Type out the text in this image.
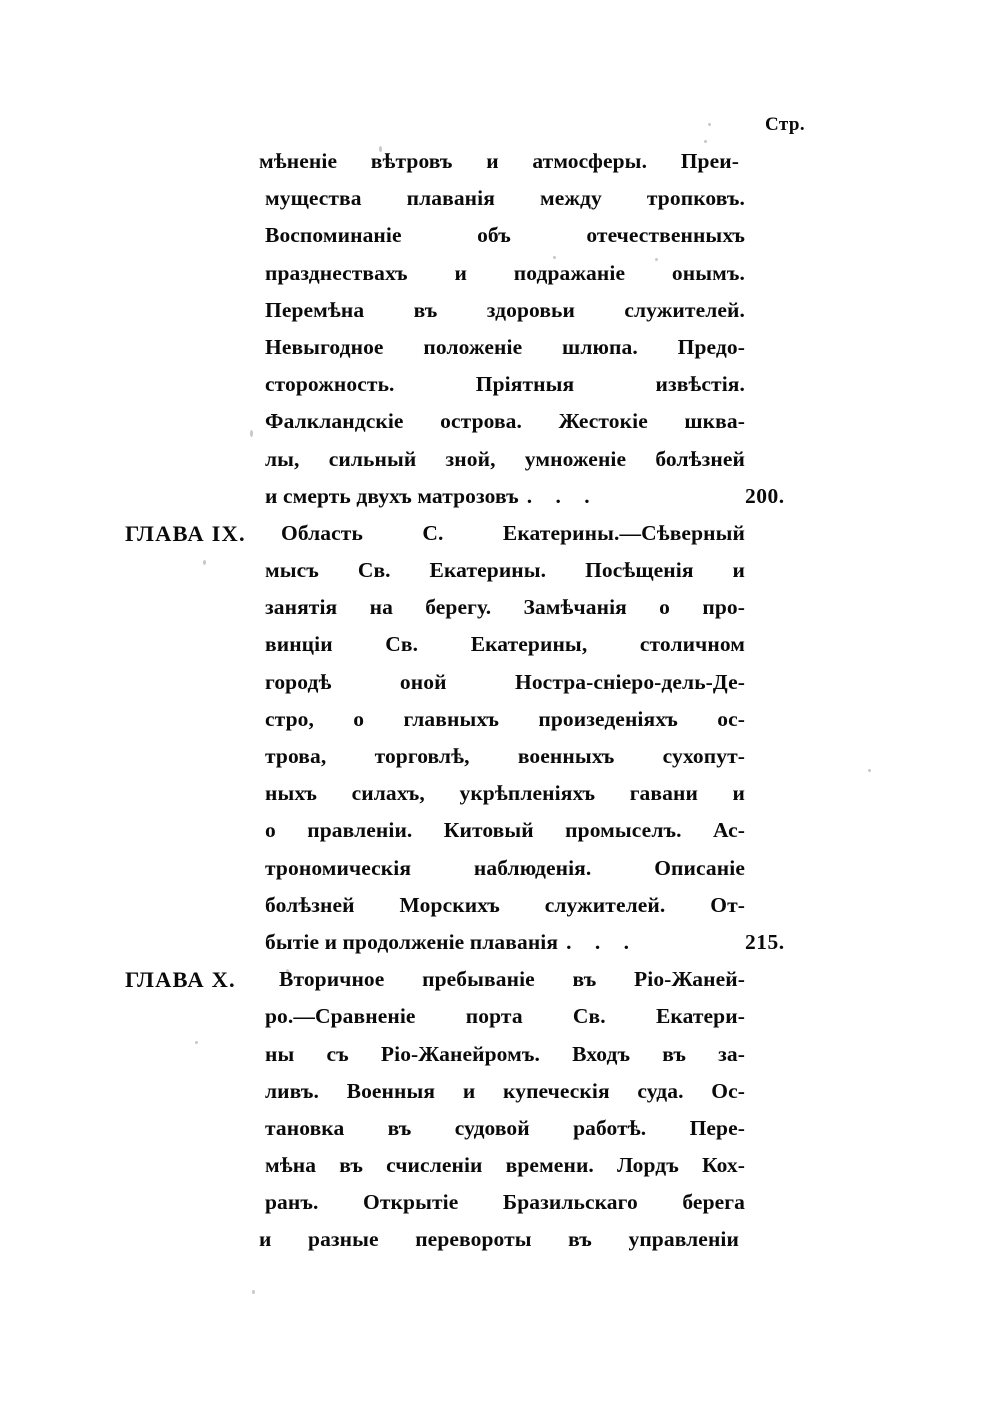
Стр.
мѣненіе вѣтровъ и атмосферы. Преи-
мущества плаванія между тропковъ.
Воспоминаніе объ отечественныхъ
празднествахъ и подражаніе онымъ.
Перемѣна въ здоровьи служителей.
Невыгодное положеніе шлюпа. Предо-
сторожность. Пріятныя извѣстія.
Фалкландскіе острова. Жестокіе шква-
лы, сильный зной, умноженіе болѣзней
и смерть двухъ матрозовъ . . .	200.
ГЛАВА IX. Область С. Екатерины.—Сѣверный
мысъ Св. Екатерины. Посѣщенія и
занятія на берегу. Замѣчанія о про-
винціи Св. Екатерины, столичном
городѣ оной Ностра-сніеро-дель-Де-
стро, о главныхъ произеденіяхъ ос-
трова, торговлѣ, военныхъ сухопут-
ныхъ силахъ, укрѣпленіяхъ гавани и
о правленіи. Китовый промыселъ. Ас-
трономическія наблюденія. Описаніе
болѣзней Морскихъ служителей. От-
бытіе и продолженіе плаванія . . .	215.
ГЛАВА X. Вторичное пребываніе въ Ріо-Жаней-
ро.—Сравненіе порта Св. Екатери-
ны съ Ріо-Жанейромъ. Входъ въ за-
ливъ. Военныя и купеческія суда. Ос-
тановка въ судовой работѣ. Пере-
мѣна въ счисленіи времени. Лордъ Кох-
ранъ. Открытіе Бразильскаго берега
и разные перевороты въ управленіи
